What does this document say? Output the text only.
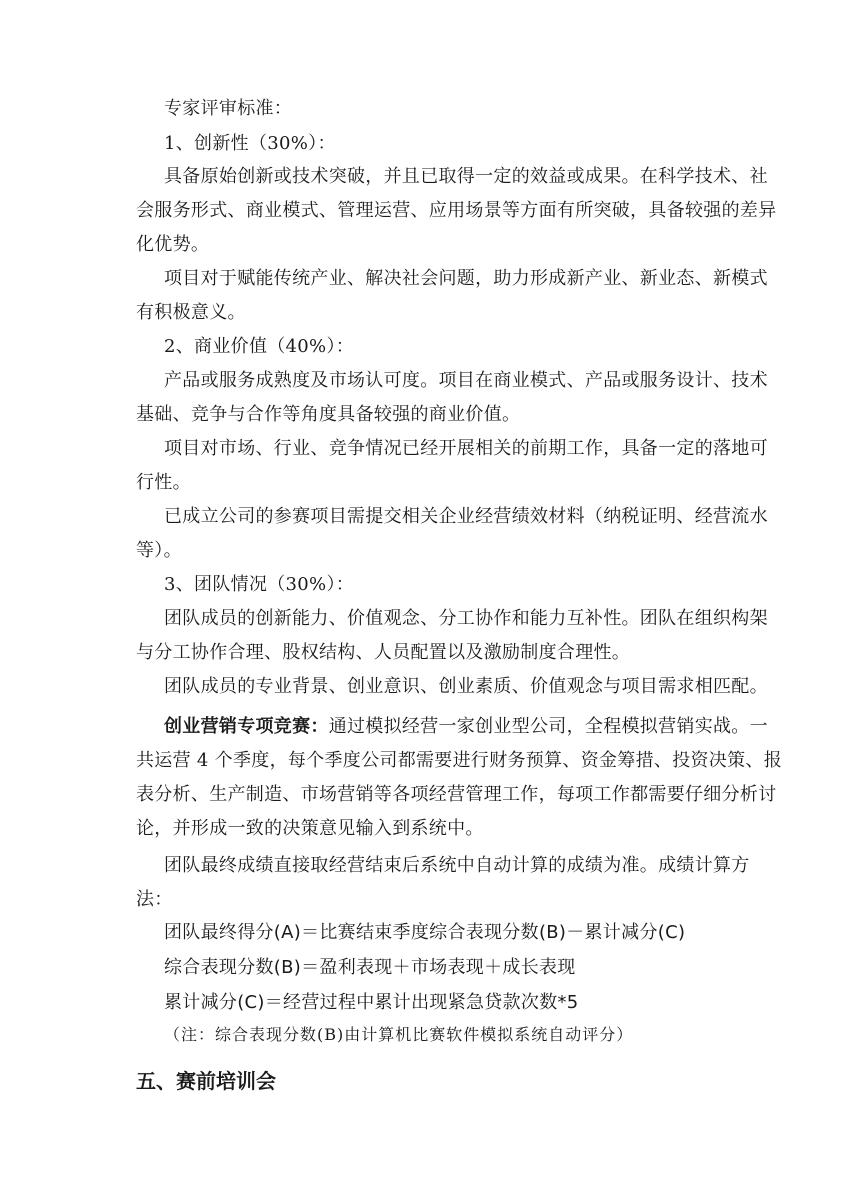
专家评审标准：
1、创新性（30%）：
具备原始创新或技术突破，并且已取得一定的效益或成果。在科学技术、社
会服务形式、商业模式、管理运营、应用场景等方面有所突破，具备较强的差异
化优势。
项目对于赋能传统产业、解决社会问题，助力形成新产业、新业态、新模式
有积极意义。
2、商业价值（40%）：
产品或服务成熟度及市场认可度。项目在商业模式、产品或服务设计、技术
基础、竞争与合作等角度具备较强的商业价值。
项目对市场、行业、竞争情况已经开展相关的前期工作，具备一定的落地可
行性。
已成立公司的参赛项目需提交相关企业经营绩效材料（纳税证明、经营流水
等）。
3、团队情况（30%）：
团队成员的创新能力、价值观念、分工协作和能力互补性。团队在组织构架
与分工协作合理、股权结构、人员配置以及激励制度合理性。
团队成员的专业背景、创业意识、创业素质、价值观念与项目需求相匹配。
创业营销专项竞赛：通过模拟经营一家创业型公司，全程模拟营销实战。一
共运营 4 个季度，每个季度公司都需要进行财务预算、资金筹措、投资决策、报
表分析、生产制造、市场营销等各项经营管理工作，每项工作都需要仔细分析讨
论，并形成一致的决策意见输入到系统中。
团队最终成绩直接取经营结束后系统中自动计算的成绩为准。成绩计算方
法：
团队最终得分(A)＝比赛结束季度综合表现分数(B)－累计减分(C)
综合表现分数(B)＝盈利表现＋市场表现＋成长表现
累计减分(C)＝经营过程中累计出现紧急贷款次数*5
（注：综合表现分数(B)由计算机比赛软件模拟系统自动评分）
五、赛前培训会
